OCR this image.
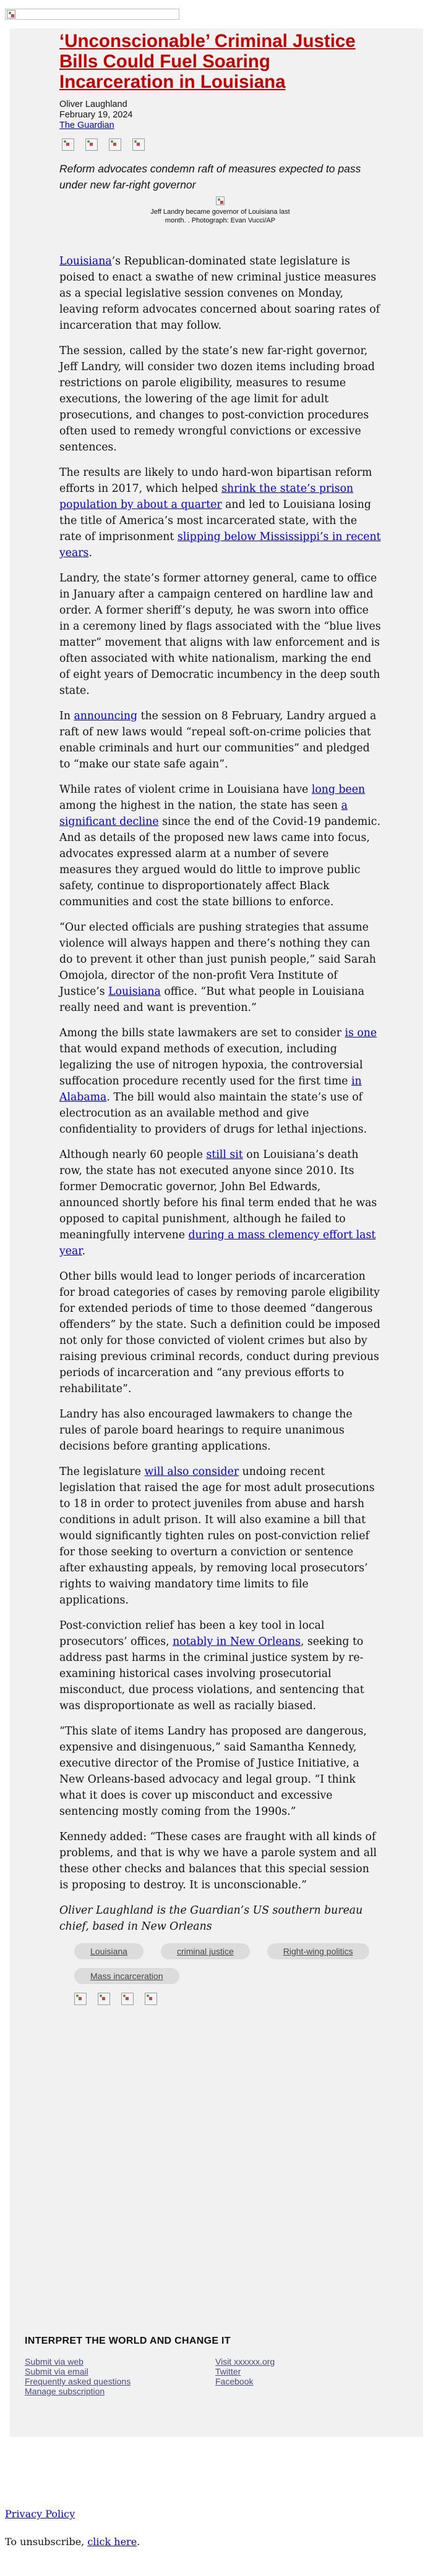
‘Unconscionable’ Criminal Justice Bills Could Fuel Soaring Incarceration in Louisiana
Oliver Laughland
February 19, 2024
The Guardian

Reform advocates condemn raft of measures expected to pass under new far-right governor

Jeff Landry became governor of Louisiana last month. . Photograph: Evan Vucci/AP

Louisiana’s Republican-dominated state legislature is poised to enact a swathe of new criminal justice measures as a special legislative session convenes on Monday, leaving reform advocates concerned about soaring rates of incarceration that may follow.

The session, called by the state’s new far-right governor, Jeff Landry, will consider two dozen items including broad restrictions on parole eligibility, measures to resume executions, the lowering of the age limit for adult prosecutions, and changes to post-conviction procedures often used to remedy wrongful convictions or excessive sentences.

The results are likely to undo hard-won bipartisan reform efforts in 2017, which helped shrink the state’s prison population by about a quarter and led to Louisiana losing the title of America’s most incarcerated state, with the rate of imprisonment slipping below Mississippi’s in recent years.

Landry, the state’s former attorney general, came to office in January after a campaign centered on hardline law and order. A former sheriff’s deputy, he was sworn into office in a ceremony lined by flags associated with the “blue lives matter” movement that aligns with law enforcement and is often associated with white nationalism, marking the end of eight years of Democratic incumbency in the deep south state.

In announcing the session on 8 February, Landry argued a raft of new laws would “repeal soft-on-crime policies that enable criminals and hurt our communities” and pledged to “make our state safe again”.

While rates of violent crime in Louisiana have long been among the highest in the nation, the state has seen a significant decline since the end of the Covid-19 pandemic. And as details of the proposed new laws came into focus, advocates expressed alarm at a number of severe measures they argued would do little to improve public safety, continue to disproportionately affect Black communities and cost the state billions to enforce.

“Our elected officials are pushing strategies that assume violence will always happen and there’s nothing they can do to prevent it other than just punish people,” said Sarah Omojola, director of the non-profit Vera Institute of Justice’s Louisiana office. “But what people in Louisiana really need and want is prevention.”

Among the bills state lawmakers are set to consider is one that would expand methods of execution, including legalizing the use of nitrogen hypoxia, the controversial suffocation procedure recently used for the first time in Alabama. The bill would also maintain the state’s use of electrocution as an available method and give confidentiality to providers of drugs for lethal injections.

Although nearly 60 people still sit on Louisiana’s death row, the state has not executed anyone since 2010. Its former Democratic governor, John Bel Edwards, announced shortly before his final term ended that he was opposed to capital punishment, although he failed to meaningfully intervene during a mass clemency effort last year.

Other bills would lead to longer periods of incarceration for broad categories of cases by removing parole eligibility for extended periods of time to those deemed “dangerous offenders” by the state. Such a definition could be imposed not only for those convicted of violent crimes but also by raising previous criminal records, conduct during previous periods of incarceration and “any previous efforts to rehabilitate”.

Landry has also encouraged lawmakers to change the rules of parole board hearings to require unanimous decisions before granting applications.

The legislature will also consider undoing recent legislation that raised the age for most adult prosecutions to 18 in order to protect juveniles from abuse and harsh conditions in adult prison. It will also examine a bill that would significantly tighten rules on post-conviction relief for those seeking to overturn a conviction or sentence after exhausting appeals, by removing local prosecutors’ rights to waiving mandatory time limits to file applications.

Post-conviction relief has been a key tool in local prosecutors’ offices, notably in New Orleans, seeking to address past harms in the criminal justice system by re-examining historical cases involving prosecutorial misconduct, due process violations, and sentencing that was disproportionate as well as racially biased.

“This slate of items Landry has proposed are dangerous, expensive and disingenuous,” said Samantha Kennedy, executive director of the Promise of Justice Initiative, a New Orleans-based advocacy and legal group. “I think what it does is cover up misconduct and excessive sentencing mostly coming from the 1990s.”

Kennedy added: “These cases are fraught with all kinds of problems, and that is why we have a parole system and all these other checks and balances that this special session is proposing to destroy. It is unconscionable.”

Oliver Laughland is the Guardian’s US southern bureau chief, based in New Orleans

Louisiana	criminal justice	Right-wing politics
Mass incarceration
INTERPRET THE WORLD AND CHANGE IT
Submit via web	Visit xxxxxx.org
Submit via email	Twitter
Frequently asked questions	Facebook
Manage subscription
Privacy Policy
To unsubscribe, click here.
